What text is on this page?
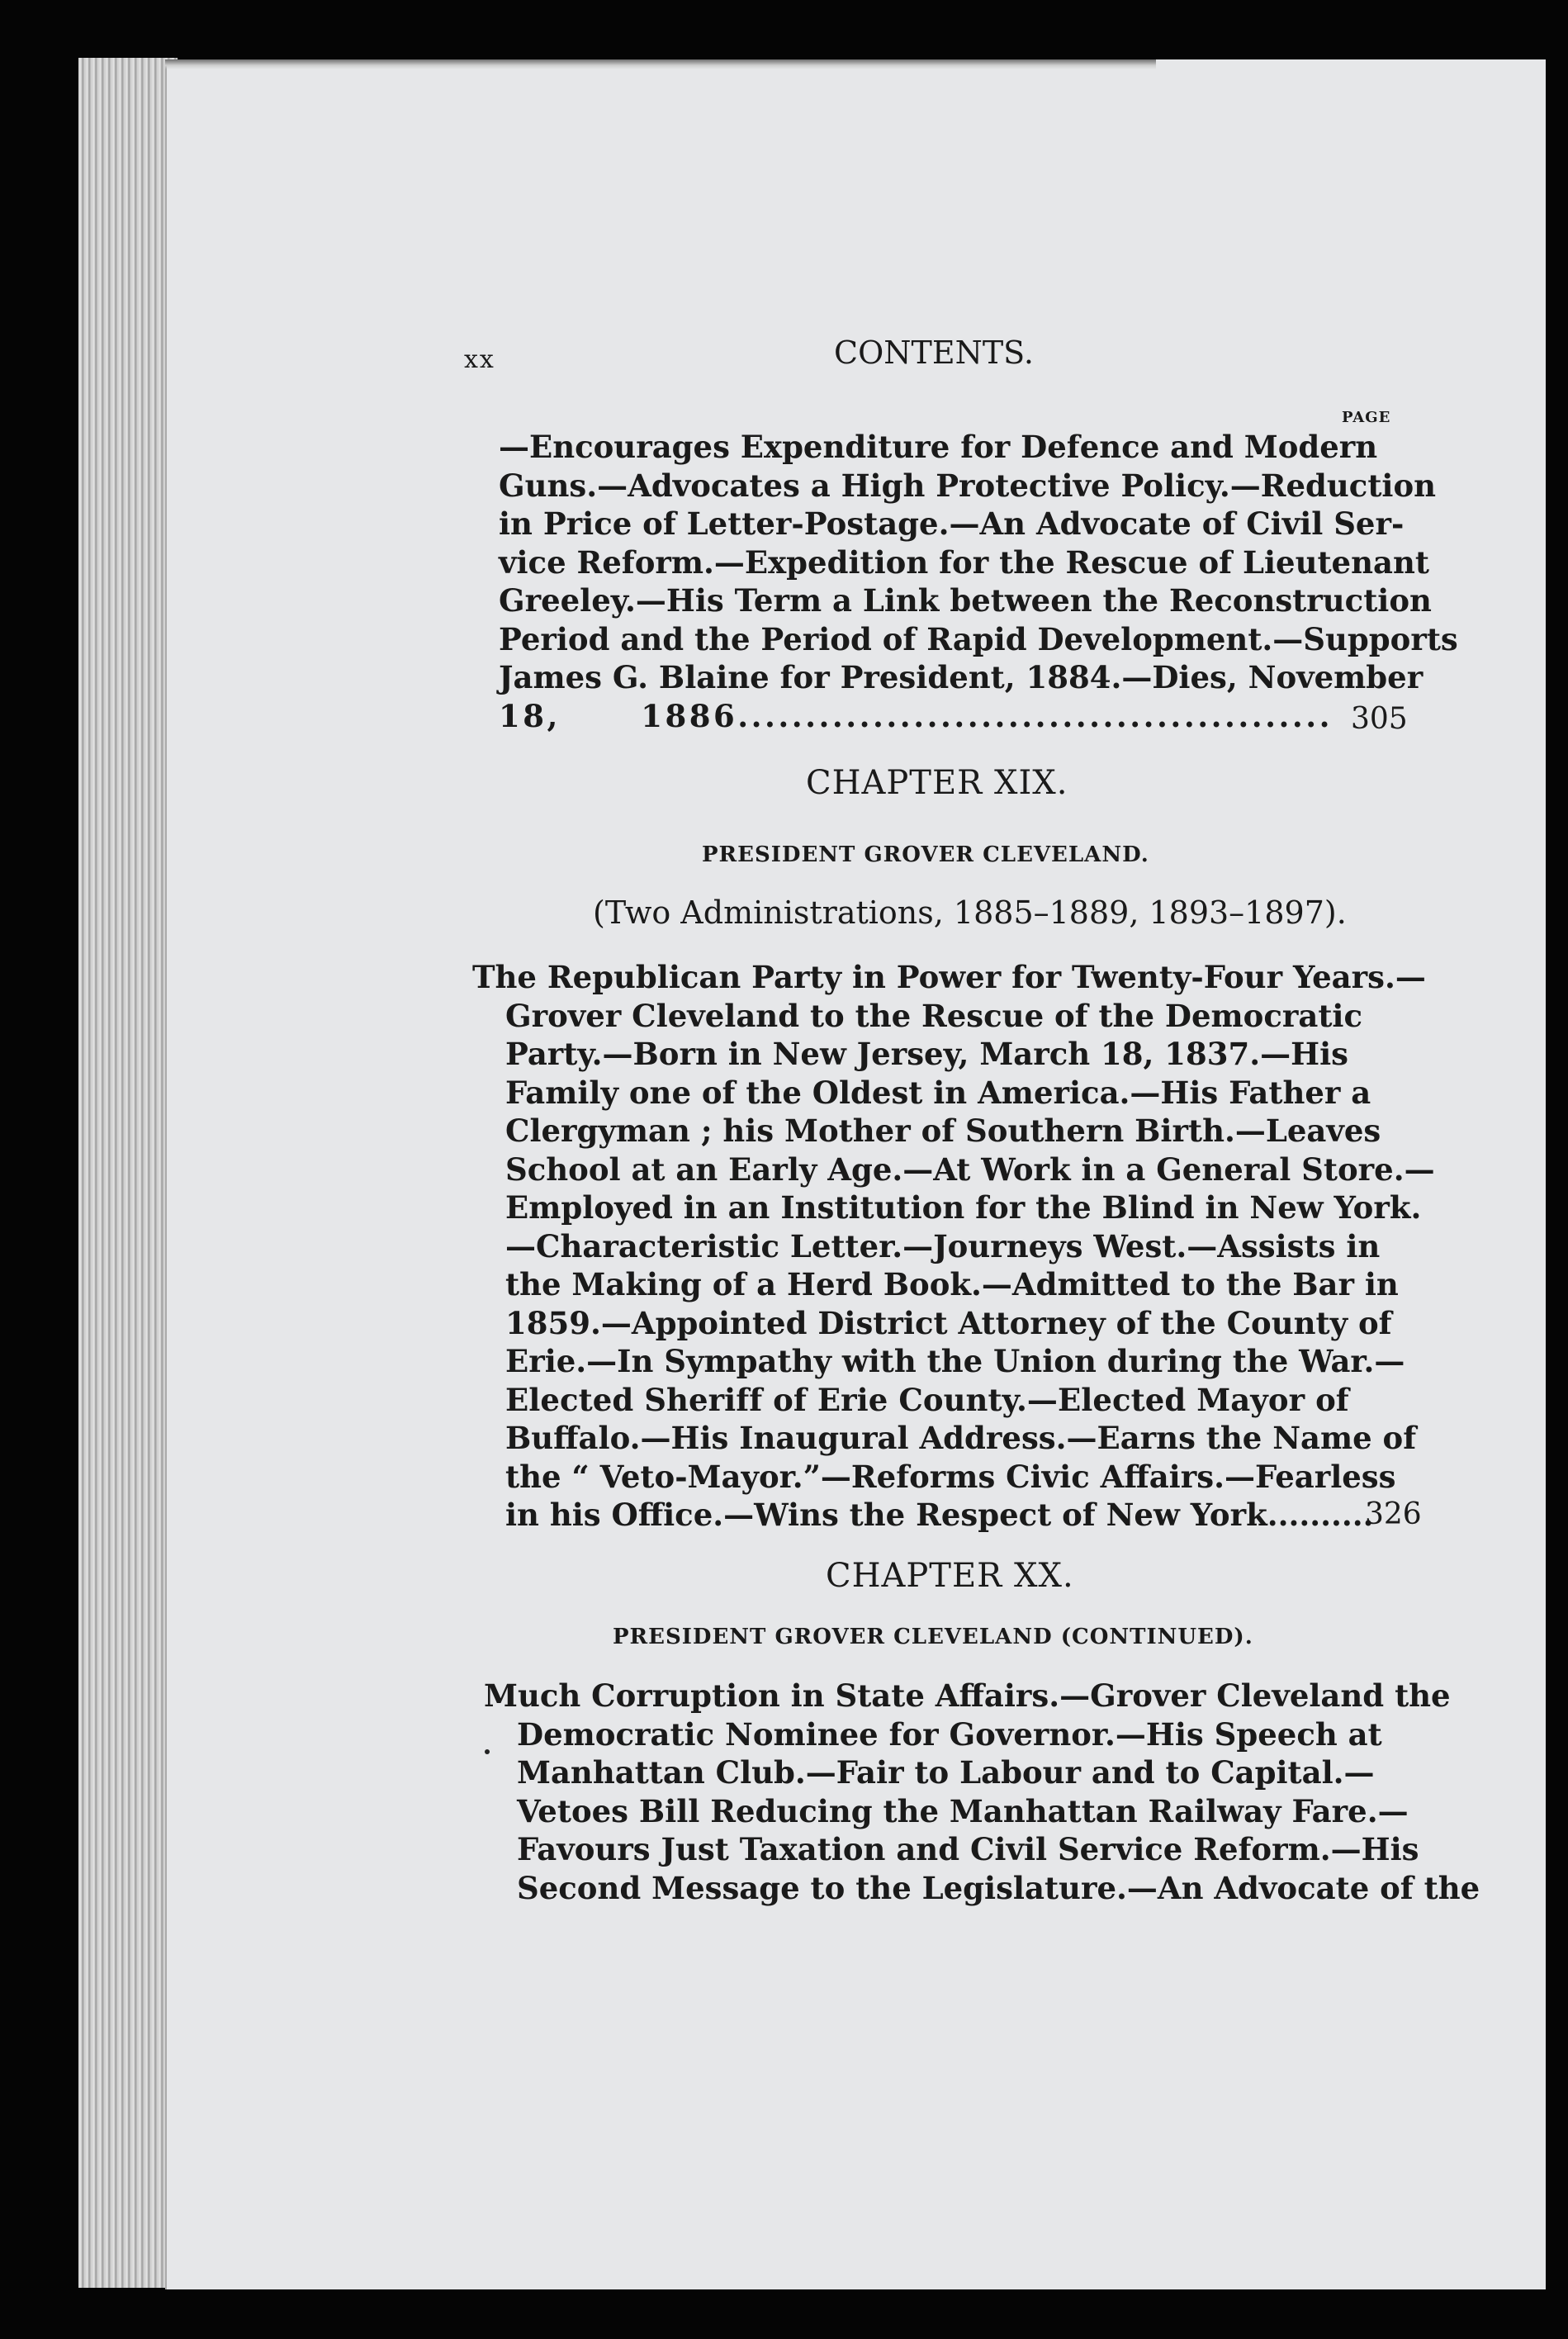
xx	CONTENTS.
PAGE
—Encourages Expenditure for Defence and Modern
Guns.—Advocates a High Protective Policy.—Reduction
in Price of Letter-Postage.—An Advocate of Civil Ser-
vice Reform.—Expedition for the Rescue of Lieutenant
Greeley.—His Term a Link between the Reconstruction
Period and the Period of Rapid Development.—Supports
James G. Blaine for President, 1884.—Dies, November
18, 1886............................................ 305
CHAPTER XIX.
PRESIDENT GROVER CLEVELAND.
(Two Administrations, 1885–1889, 1893–1897).
The Republican Party in Power for Twenty-Four Years.—
Grover Cleveland to the Rescue of the Democratic
Party.—Born in New Jersey, March 18, 1837.—His
Family one of the Oldest in America.—His Father a
Clergyman ; his Mother of Southern Birth.—Leaves
School at an Early Age.—At Work in a General Store.—
Employed in an Institution for the Blind in New York.
—Characteristic Letter.—Journeys West.—Assists in
the Making of a Herd Book.—Admitted to the Bar in
1859.—Appointed District Attorney of the County of
Erie.—In Sympathy with the Union during the War.—
Elected Sheriff of Erie County.—Elected Mayor of
Buffalo.—His Inaugural Address.—Earns the Name of
the “ Veto-Mayor.”—Reforms Civic Affairs.—Fearless
in his Office.—Wins the Respect of New York..........
326
CHAPTER XX.
PRESIDENT GROVER CLEVELAND (CONTINUED).
Much Corruption in State Affairs.—Grover Cleveland the
Democratic Nominee for Governor.—His Speech at
Manhattan Club.—Fair to Labour and to Capital.—
Vetoes Bill Reducing the Manhattan Railway Fare.—
Favours Just Taxation and Civil Service Reform.—His
Second Message to the Legislature.—An Advocate of the
